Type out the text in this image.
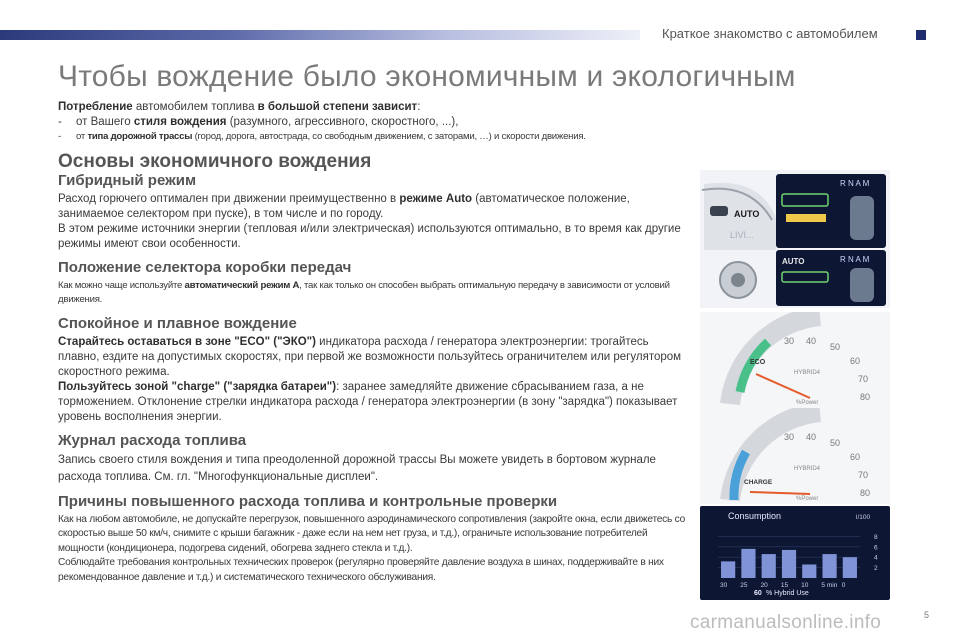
Краткое знакомство с автомобилем
Чтобы вождение было экономичным и экологичным

Потребление автомобилем топлива в большой степени зависит:

- от Вашего стиля вождения (разумного, агрессивного, скоростного, ...),

- от типа дорожной трассы (город, дорога, автострада, со свободным движением, с заторами, …) и скорости движения.

Основы экономичного вождения
Гибридный режим

Расход горючего оптимален при движении преимущественно в режиме Auto (автоматическое положение, занимаемое селектором при пуске), в том числе и по городу.

В этом режиме источники энергии (тепловая и/или электрическая) используются оптимально, в то время как другие режимы имеют свои особенности.

Положение селектора коробки передач

Как можно чаще используйте автоматический режим A, так как только он способен выбрать оптимальную передачу в зависимости от условий движения.

Спокойное и плавное вождение

Старайтесь оставаться в зоне "ECO" ("ЭКО") индикатора расхода / генератора электроэнергии: трогайтесь плавно, ездите на допустимых скоростях, при первой же возможности пользуйтесь ограничителем или регулятором скоростного режима.

Пользуйтесь зоной "charge" ("зарядка батареи"): заранее замедляйте движение сбрасыванием газа, а не торможением. Отклонение стрелки индикатора расхода / генератора электроэнергии (в зону "зарядка") показывает уровень восполнения энергии.

Журнал расхода топлива

Запись своего стиля вождения и типа преодоленной дорожной трассы Вы можете увидеть в бортовом журнале расхода топлива. См. гл. "Многофункциональные дисплеи".

Причины повышенного расхода топлива и контрольные проверки

Как на любом автомобиле, не допускайте перегрузок, повышенного аэродинамического сопротивления (закройте окна, если движетесь со скоростью выше 50 км/ч, снимите с крыши багажник - даже если на нем нет груза, и т.д.), ограничьте использование потребителей мощности (кондиционера, подогрева сидений, обогрева заднего стекла и т.д.).

Соблюдайте требования контрольных технических проверок (регулярно проверяйте давление воздуха в шинах, поддерживайте в них рекомендованное давление и т.д.) и систематического технического обслуживания.

AUTO
LIVI...
R N A M
AUTO	R N A M
ECO
30 40
50
60
70
80
HYBRID4
%Power
CHARGE
30 40
50
60
70
80
HYBRID4
%Power
Consumption	l/100
30 25 20 15 10 5 min 0
8
6
4
2
60 % Hybrid Use
carmanualsonline.info	5
